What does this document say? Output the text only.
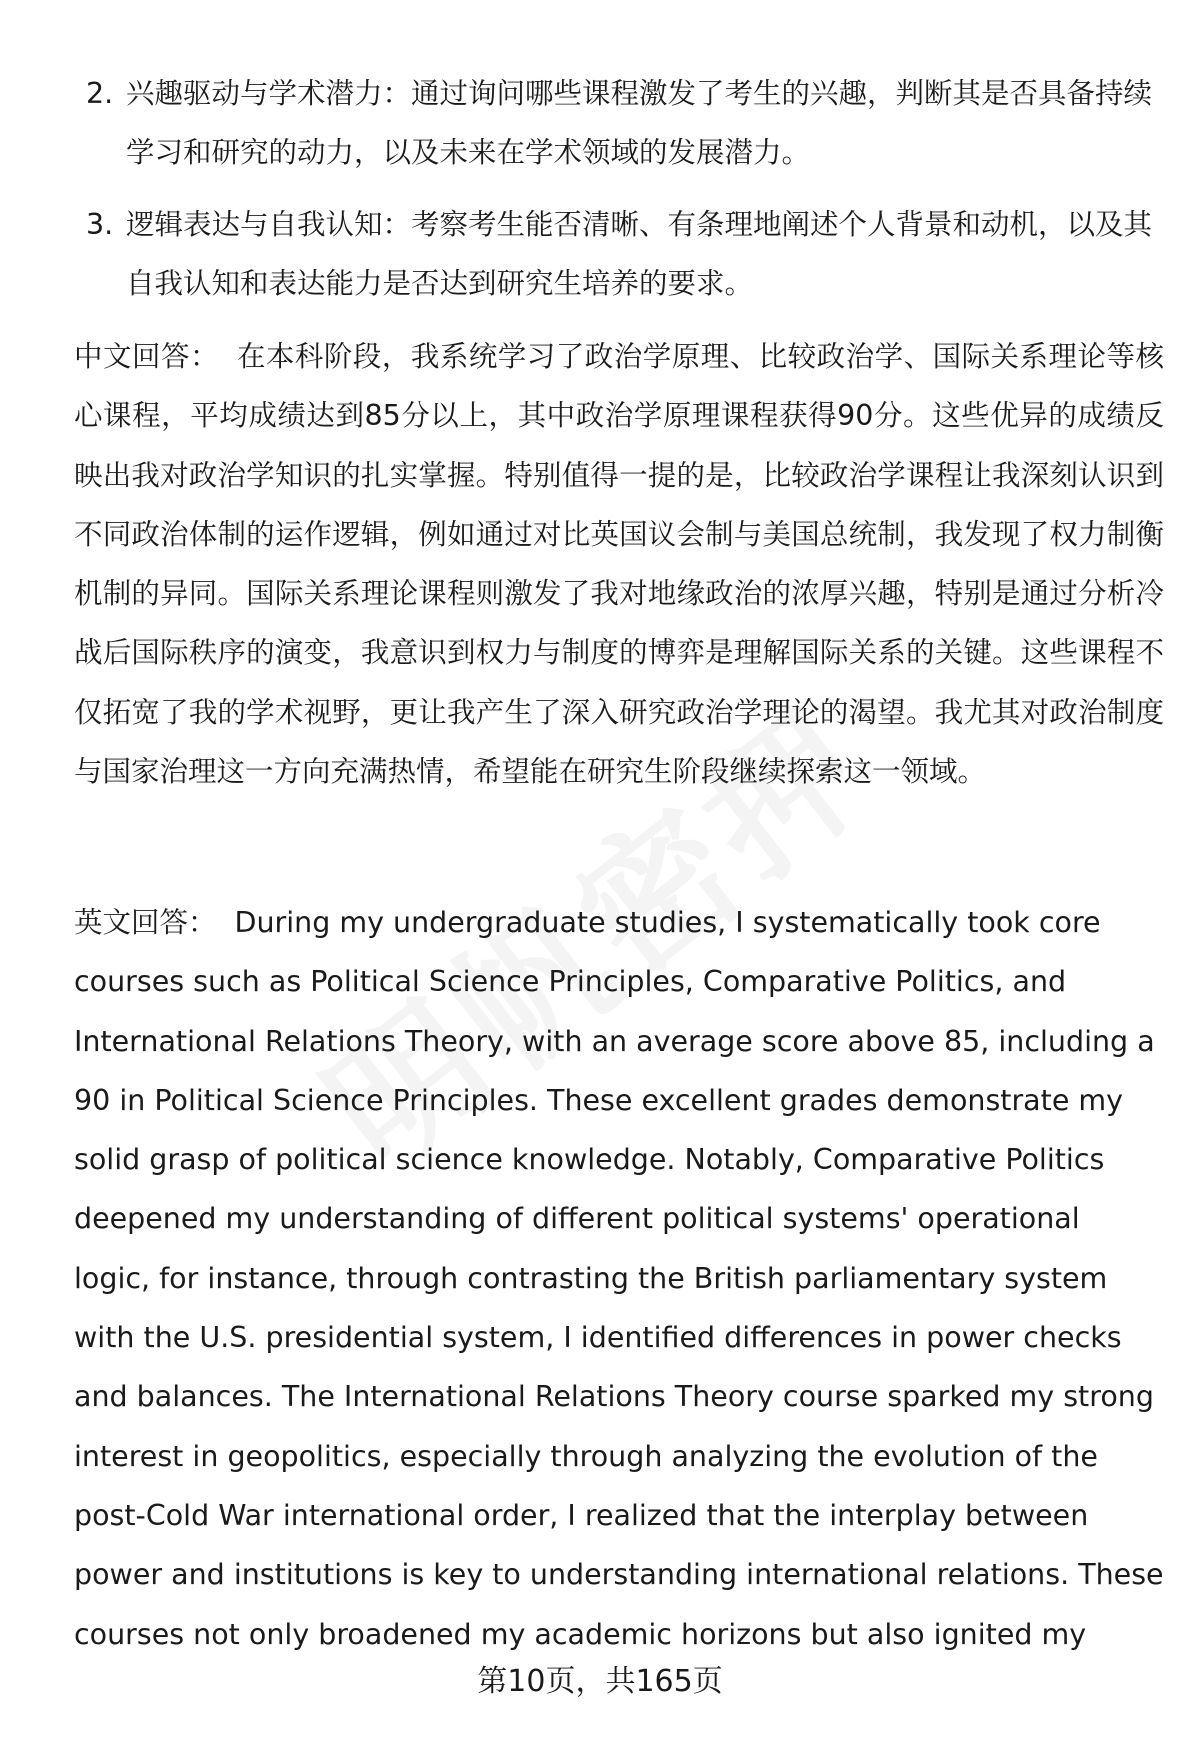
2. 兴趣驱动与学术潜力：通过询问哪些课程激发了考生的兴趣，判断其是否具备持续学习和研究的动力，以及未来在学术领域的发展潜力。
3. 逻辑表达与自我认知：考察考生能否清晰、有条理地阐述个人背景和动机，以及其自我认知和表达能力是否达到研究生培养的要求。

中文回答： 在本科阶段，我系统学习了政治学原理、比较政治学、国际关系理论等核心课程，平均成绩达到85分以上，其中政治学原理课程获得90分。这些优异的成绩反映出我对政治学知识的扎实掌握。特别值得一提的是，比较政治学课程让我深刻认识到不同政治体制的运作逻辑，例如通过对比英国议会制与美国总统制，我发现了权力制衡机制的异同。国际关系理论课程则激发了我对地缘政治的浓厚兴趣，特别是通过分析冷战后国际秩序的演变，我意识到权力与制度的博弈是理解国际关系的关键。这些课程不仅拓宽了我的学术视野，更让我产生了深入研究政治学理论的渴望。我尤其对政治制度与国家治理这一方向充满热情，希望能在研究生阶段继续探索这一领域。

英文回答： During my undergraduate studies, I systematically took core courses such as Political Science Principles, Comparative Politics, and International Relations Theory, with an average score above 85, including a 90 in Political Science Principles. These excellent grades demonstrate my solid grasp of political science knowledge. Notably, Comparative Politics deepened my understanding of different political systems' operational logic, for instance, through contrasting the British parliamentary system with the U.S. presidential system, I identified differences in power checks and balances. The International Relations Theory course sparked my strong interest in geopolitics, especially through analyzing the evolution of the post-Cold War international order, I realized that the interplay between power and institutions is key to understanding international relations. These courses not only broadened my academic horizons but also ignited my

第10页，共165页
